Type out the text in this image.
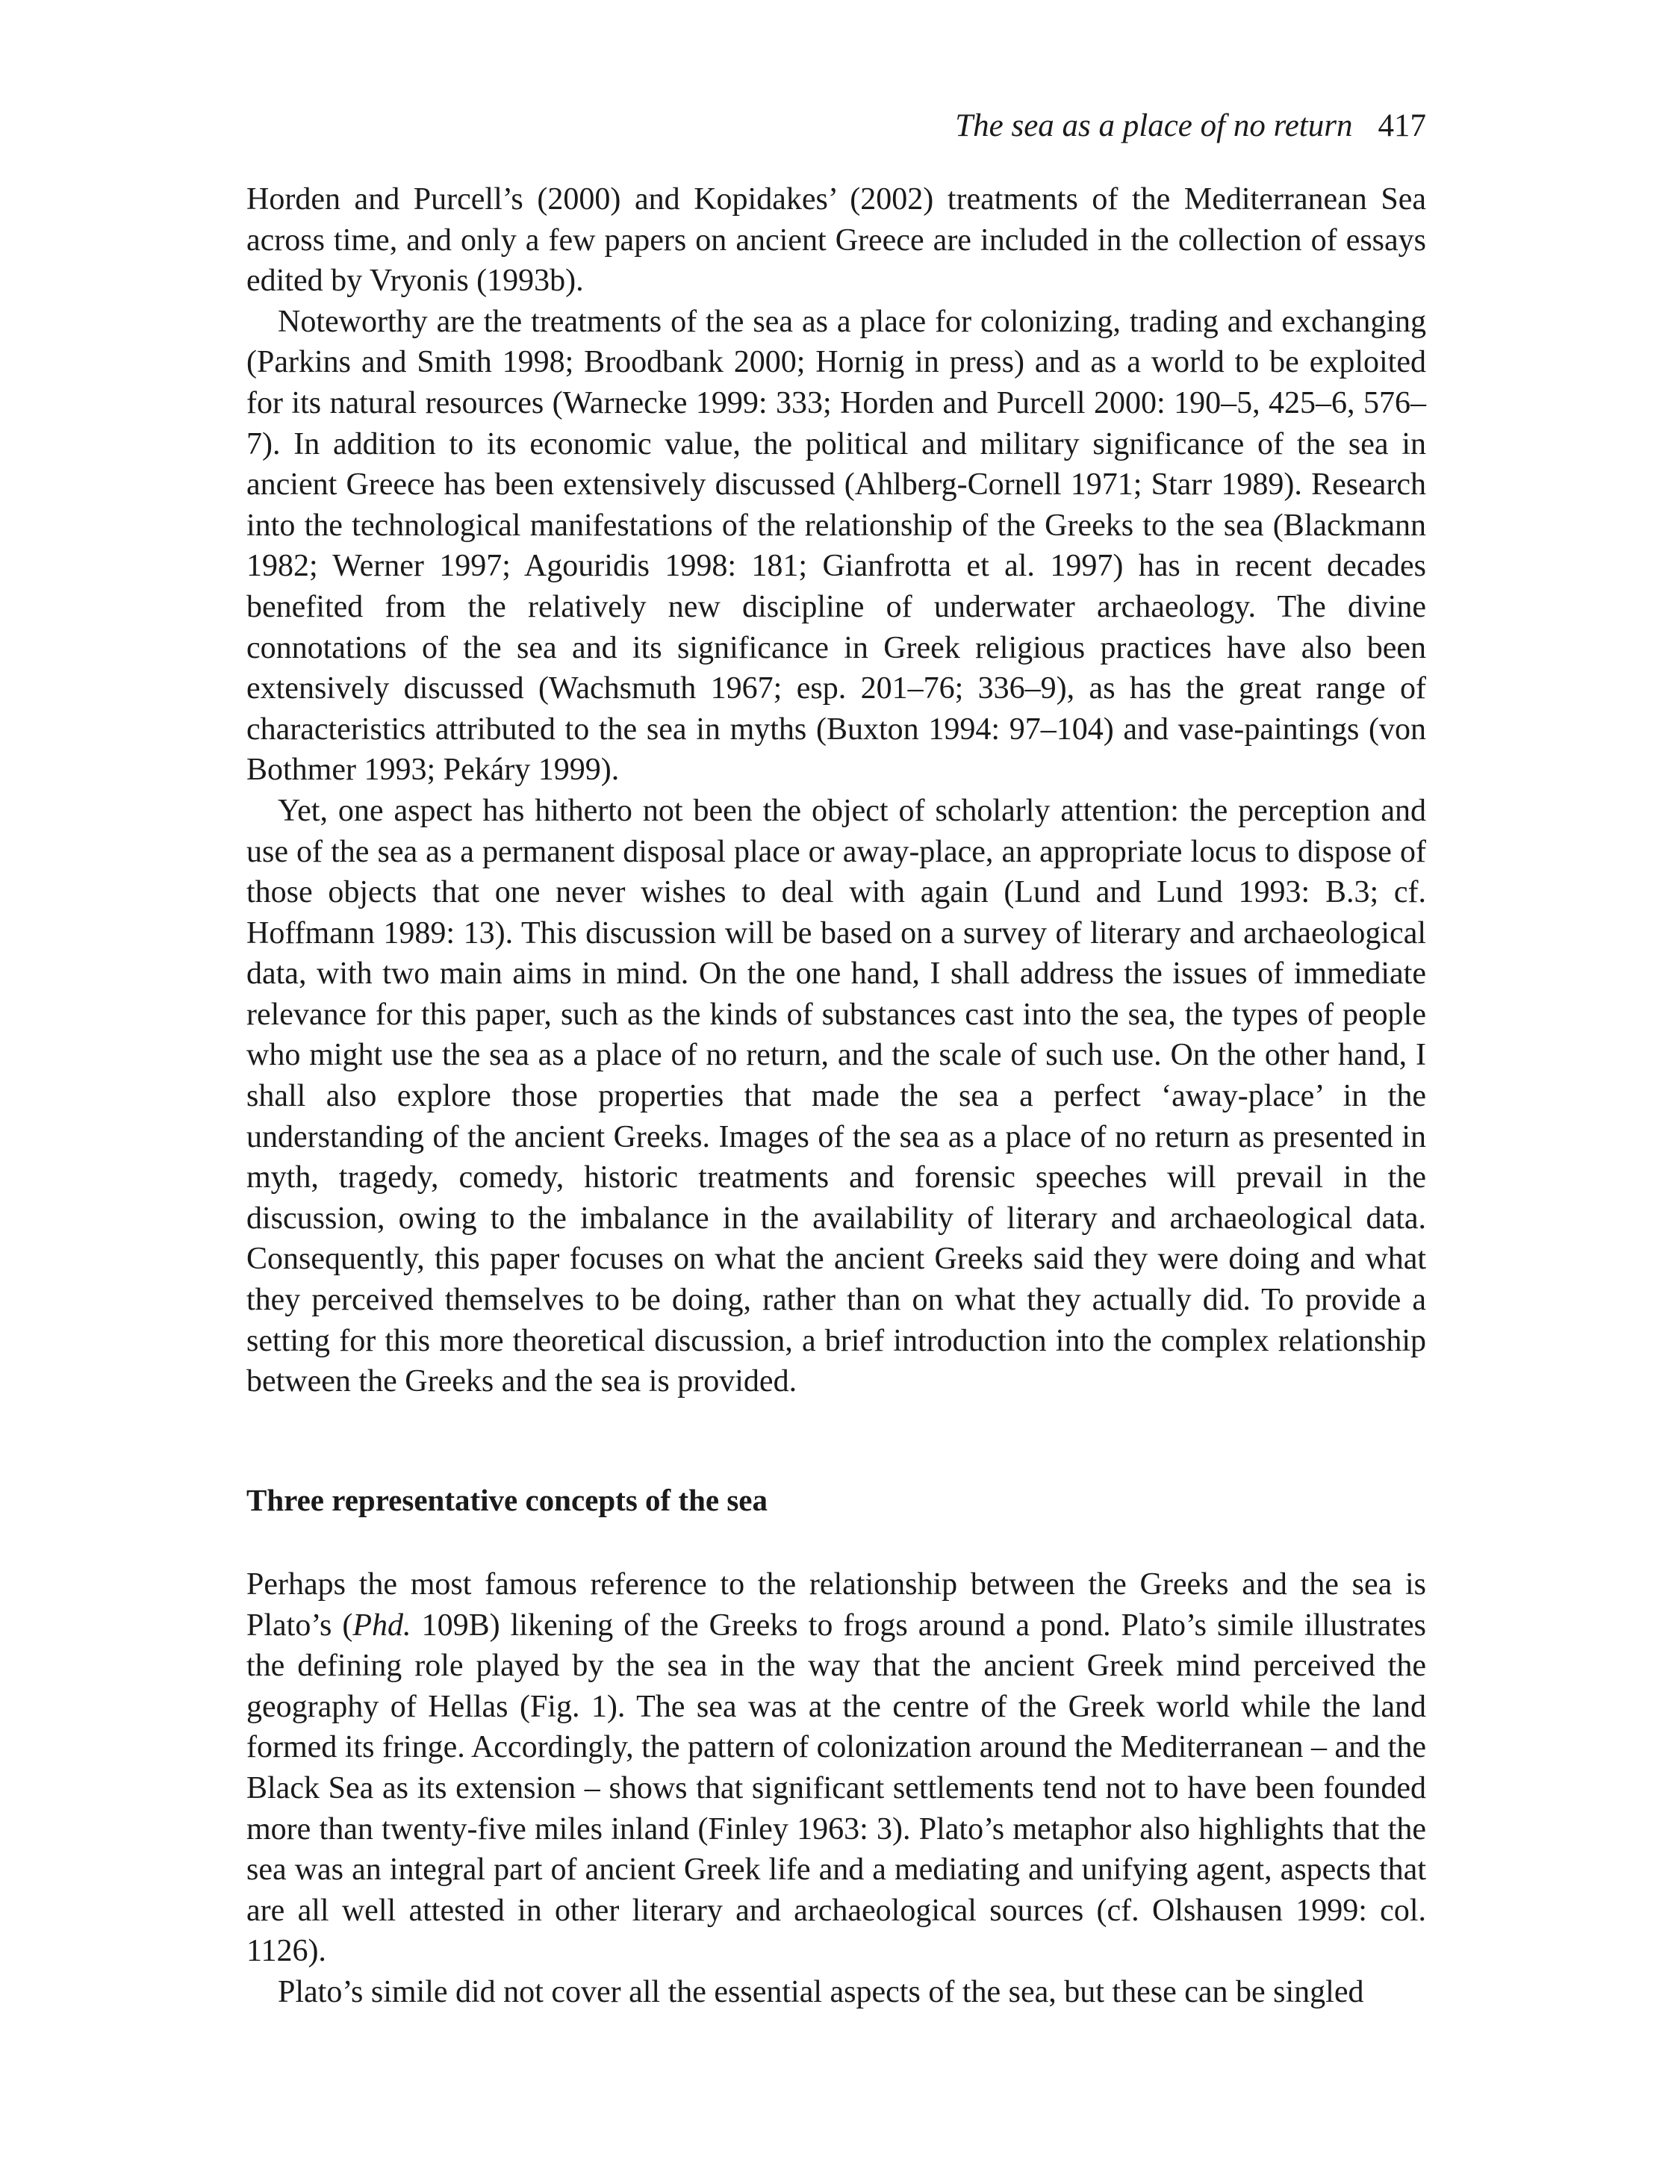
The sea as a place of no return 417

Horden and Purcell’s (2000) and Kopidakes’ (2002) treatments of the Mediterranean Sea across time, and only a few papers on ancient Greece are included in the collection of essays edited by Vryonis (1993b).

Noteworthy are the treatments of the sea as a place for colonizing, trading and exchanging (Parkins and Smith 1998; Broodbank 2000; Hornig in press) and as a world to be exploited for its natural resources (Warnecke 1999: 333; Horden and Purcell 2000: 190–5, 425–6, 576–7). In addition to its economic value, the political and military significance of the sea in ancient Greece has been extensively discussed (Ahlberg-Cornell 1971; Starr 1989). Research into the technological manifestations of the relationship of the Greeks to the sea (Blackmann 1982; Werner 1997; Agouridis 1998: 181; Gianfrotta et al. 1997) has in recent decades benefited from the relatively new discipline of underwater archaeology. The divine connotations of the sea and its significance in Greek religious practices have also been extensively discussed (Wachsmuth 1967; esp. 201–76; 336–9), as has the great range of characteristics attributed to the sea in myths (Buxton 1994: 97–104) and vase-paintings (von Bothmer 1993; Pekáry 1999).

Yet, one aspect has hitherto not been the object of scholarly attention: the perception and use of the sea as a permanent disposal place or away-place, an appropriate locus to dispose of those objects that one never wishes to deal with again (Lund and Lund 1993: B.3; cf. Hoffmann 1989: 13). This discussion will be based on a survey of literary and archaeological data, with two main aims in mind. On the one hand, I shall address the issues of immediate relevance for this paper, such as the kinds of substances cast into the sea, the types of people who might use the sea as a place of no return, and the scale of such use. On the other hand, I shall also explore those properties that made the sea a perfect ‘away-place’ in the understanding of the ancient Greeks. Images of the sea as a place of no return as presented in myth, tragedy, comedy, historic treatments and forensic speeches will prevail in the discussion, owing to the imbalance in the availability of literary and archaeological data. Consequently, this paper focuses on what the ancient Greeks said they were doing and what they perceived themselves to be doing, rather than on what they actually did. To provide a setting for this more theoretical discussion, a brief introduction into the complex relationship between the Greeks and the sea is provided.

Three representative concepts of the sea

Perhaps the most famous reference to the relationship between the Greeks and the sea is Plato’s (Phd. 109B) likening of the Greeks to frogs around a pond. Plato’s simile illustrates the defining role played by the sea in the way that the ancient Greek mind perceived the geography of Hellas (Fig. 1). The sea was at the centre of the Greek world while the land formed its fringe. Accordingly, the pattern of colonization around the Mediterranean – and the Black Sea as its extension – shows that significant settlements tend not to have been founded more than twenty-five miles inland (Finley 1963: 3). Plato’s metaphor also highlights that the sea was an integral part of ancient Greek life and a mediating and unifying agent, aspects that are all well attested in other literary and archaeological sources (cf. Olshausen 1999: col. 1126).

Plato’s simile did not cover all the essential aspects of the sea, but these can be singled
